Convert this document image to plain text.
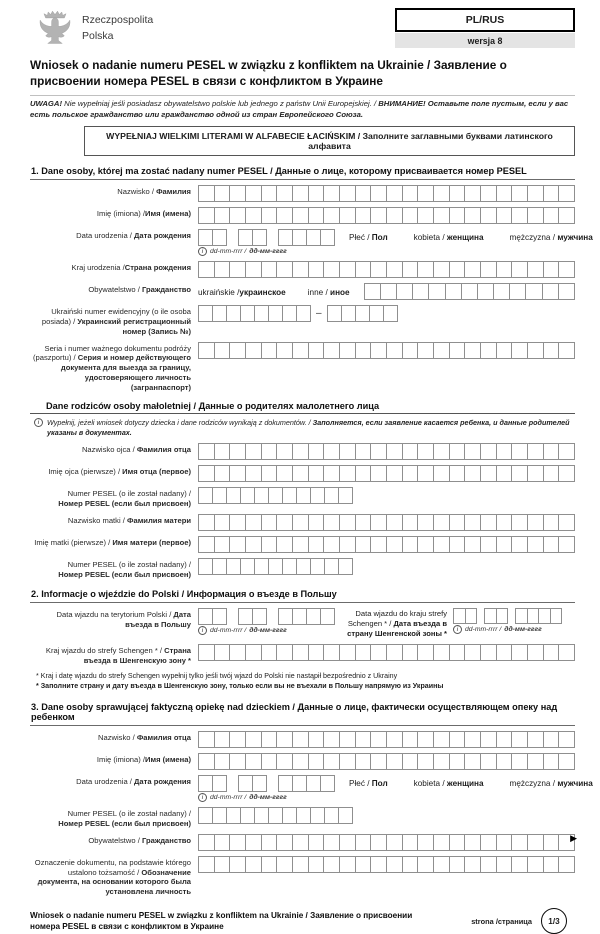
Rzeczpospolita
Polska
PL/RUS
wersja 8
Wniosek o nadanie numeru PESEL w związku z konfliktem na Ukrainie / Заявление о присвоении номера PESEL в связи с конфликтом в Украине
UWAGA! Nie wypełniaj jeśli posiadasz obywatelstwo polskie lub jednego z państw Unii Europejskiej. / ВНИМАНИЕ! Оставьте поле пустым, если у вас есть польское гражданство или гражданство одной из стран Европейского Союза.
WYPEŁNIAJ WIELKIMI LITERAMI W ALFABECIE ŁACIŃSKIM / Заполните заглавными буквами латинского алфавита
1. Dane osoby, której ma zostać nadany numer PESEL / Данные о лице, которому присваивается номер PESEL
Nazwisko / Фамилия
Imię (imiona) /Имя (имена)
Data urodzenia / Дата рождения
i dd-mm-rrrr / дд-мм-гггг
Płeć / Пол	kobieta / женщина	mężczyzna / мужчина
Kraj urodzenia /Страна рождения
Obywatelstwo / Гражданство ukraińskie /украинское	inne / иное
Ukraiński numer ewidencyjny (o ile osoba posiada) / Украинский регистрационный номер (Запись №)
–
Seria i numer ważnego dokumentu podróży (paszportu) / Серия и номер действующего документа для выезда за границу, удостоверяющего личность (загранпаспорт)
Dane rodziców osoby małoletniej / Данные о родителях малолетнего лица
i	Wypełnij, jeżeli wniosek dotyczy dziecka i dane rodziców wynikają z dokumentów. / Заполняется, если заявление касается ребенка, и данные родителей указаны в документах.
Nazwisko ojca / Фамилия отца
Imię ojca (pierwsze) / Имя отца (первое)
Numer PESEL (o ile został nadany) /
Номер PESEL (если был присвоен)
Nazwisko matki / Фамилия матери
Imię matki (pierwsze) / Имя матери (первое)
Numer PESEL (o ile został nadany) /
Номер PESEL (если был присвоен)
2. Informacje o wjeździe do Polski / Информация о въезде в Польшу
Data wjazdu na terytorium Polski / Дата въезда в Польшу
i dd-mm-rrrr / дд-мм-гггг
Data wjazdu do kraju strefy Schengen * / Дата въезда в страну Шенгенской зоны *	i dd-mm-rrrr / дд-мм-гггг
Kraj wjazdu do strefy Schengen * / Страна въезда в Шенгенскую зону *
* Kraj i datę wjazdu do strefy Schengen wypełnij tylko jeśli twój wjazd do Polski nie nastąpił bezpośrednio z Ukrainy
* Заполните страну и дату въезда в Шенгенскую зону, только если вы не въехали в Польшу напрямую из Украины
3. Dane osoby sprawującej faktyczną opiekę nad dzieckiem / Данные о лице, фактически осуществляющем опеку над ребенком
Nazwisko / Фамилия отца
Imię (imiona) /Имя (имена)
Data urodzenia / Дата рождения
i dd-mm-rrrr / дд-мм-гггг
Płeć / Пол	kobieta / женщина	mężczyzna / мужчина
Numer PESEL (o ile został nadany) /
Номер PESEL (если был присвоен)
Obywatelstwo / Гражданство
Oznaczenie dokumentu, na podstawie którego ustalono tożsamość / Обозначение документа, на основании которого была установлена личность
Wniosek o nadanie numeru PESEL w związku z konfliktem na Ukrainie / Заявление о присвоении номера PESEL в связи с конфликтом в Украине
strona /страница	1/3
▶
